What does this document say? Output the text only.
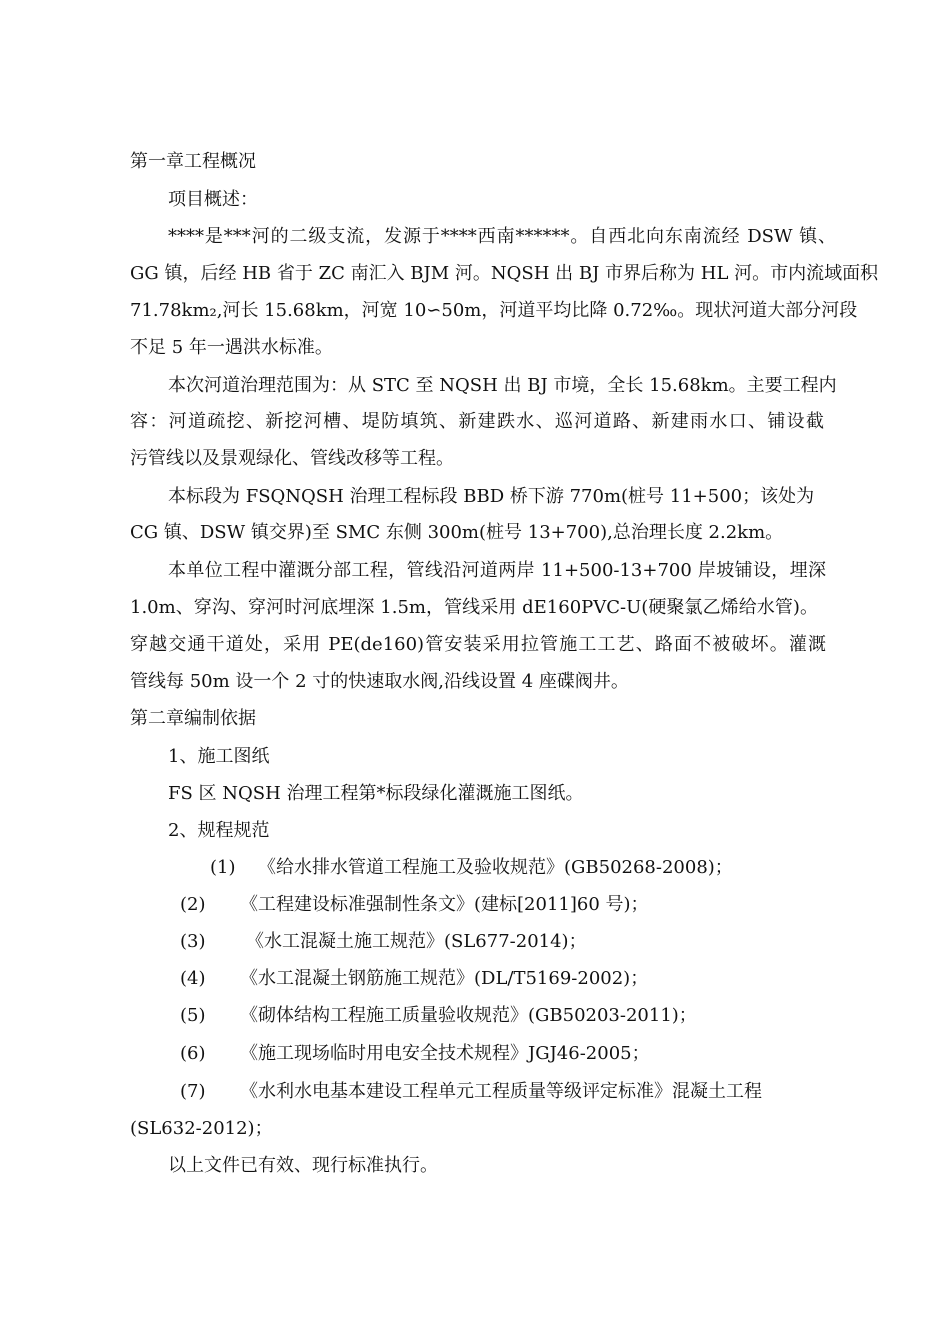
第一章工程概况
项目概述：
****是***河的二级支流，发源于****西南******。自西北向东南流经 DSW 镇、
GG 镇，后经 HB 省于 ZC 南汇入 BJM 河。NQSH 出 BJ 市界后称为 HL 河。市内流域面积
71.78km₂,河长 15.68km，河宽 10∽50m，河道平均比降 0.72‰。现状河道大部分河段
不足 5 年一遇洪水标准。
本次河道治理范围为：从 STC 至 NQSH 出 BJ 市境，全长 15.68km。主要工程内
容：河道疏挖、新挖河槽、堤防填筑、新建跌水、巡河道路、新建雨水口、铺设截
污管线以及景观绿化、管线改移等工程。
本标段为 FSQNQSH 治理工程标段 BBD 桥下游 770m(桩号 11+500；该处为
CG 镇、DSW 镇交界)至 SMC 东侧 300m(桩号 13+700),总治理长度 2.2km。
本单位工程中灌溉分部工程，管线沿河道两岸 11+500-13+700 岸坡铺设，埋深
1.0m、穿沟、穿河时河底埋深 1.5m，管线采用 dE160PVC-U(硬聚氯乙烯给水管)。
穿越交通干道处，采用 PE(de160)管安装采用拉管施工工艺、路面不被破坏。灌溉
管线每 50m 设一个 2 寸的快速取水阀,沿线设置 4 座碟阀井。
第二章编制依据
1、施工图纸
FS 区 NQSH 治理工程第*标段绿化灌溉施工图纸。
2、规程规范
(1) 《给水排水管道工程施工及验收规范》(GB50268-2008)；
(2) 《工程建设标准强制性条文》(建标[2011]60 号)；
(3) 《水工混凝土施工规范》(SL677-2014)；
(4) 《水工混凝土钢筋施工规范》(DL/T5169-2002)；
(5) 《砌体结构工程施工质量验收规范》(GB50203-2011)；
(6) 《施工现场临时用电安全技术规程》JGJ46-2005；
(7) 《水利水电基本建设工程单元工程质量等级评定标准》混凝土工程
(SL632-2012)；
以上文件已有效、现行标准执行。
